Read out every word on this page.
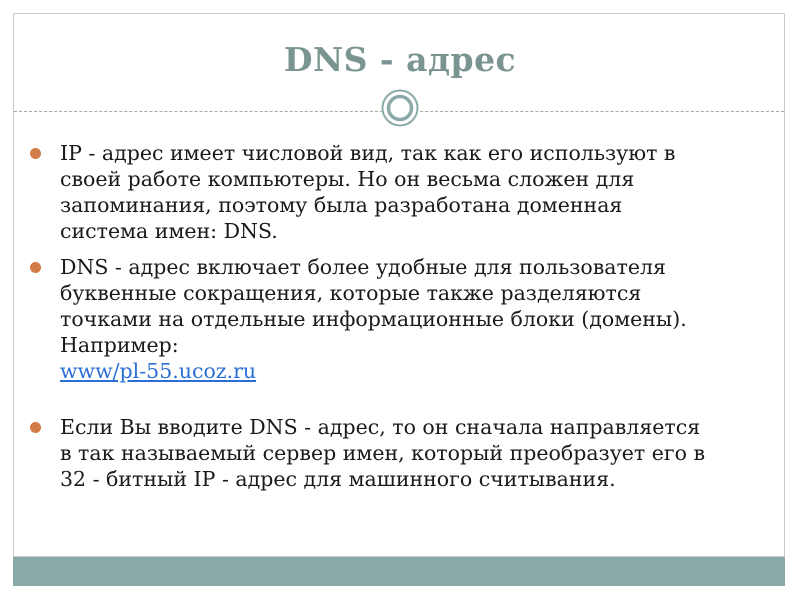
DNS - адрес
IP - адрес имеет числовой вид, так как его используют в
своей работе компьютеры. Но он весьма сложен для
запоминания, поэтому была разработана доменная
система имен: DNS.
DNS - адрес включает более удобные для пользователя
буквенные сокращения, которые также разделяются
точками на отдельные информационные блоки (домены).
Например:
www/pl-55.ucoz.ru
Если Вы вводите DNS - адрес, то он сначала направляется
в так называемый сервер имен, который преобразует его в
32 - битный IP - адрес для машинного считывания.
